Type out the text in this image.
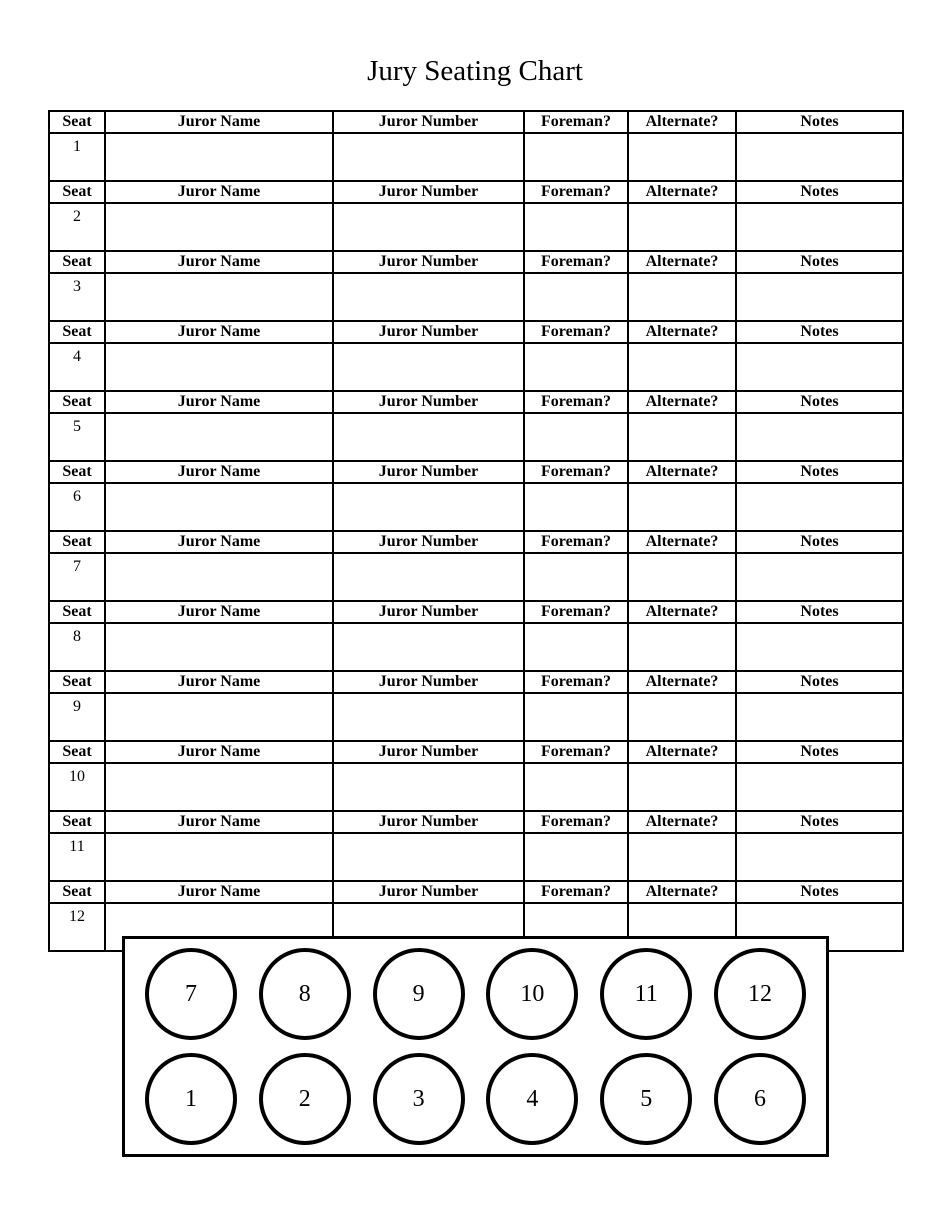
Jury Seating Chart
Seat	Juror Name	Juror Number	Foreman?	Alternate?	Notes
1					
Seat	Juror Name	Juror Number	Foreman?	Alternate?	Notes
2					
Seat	Juror Name	Juror Number	Foreman?	Alternate?	Notes
3					
Seat	Juror Name	Juror Number	Foreman?	Alternate?	Notes
4					
Seat	Juror Name	Juror Number	Foreman?	Alternate?	Notes
5					
Seat	Juror Name	Juror Number	Foreman?	Alternate?	Notes
6					
Seat	Juror Name	Juror Number	Foreman?	Alternate?	Notes
7					
Seat	Juror Name	Juror Number	Foreman?	Alternate?	Notes
8					
Seat	Juror Name	Juror Number	Foreman?	Alternate?	Notes
9					
Seat	Juror Name	Juror Number	Foreman?	Alternate?	Notes
10					
Seat	Juror Name	Juror Number	Foreman?	Alternate?	Notes
11					
Seat	Juror Name	Juror Number	Foreman?	Alternate?	Notes
12					
7	8	9	10	11	12
1	2	3	4	5	6
